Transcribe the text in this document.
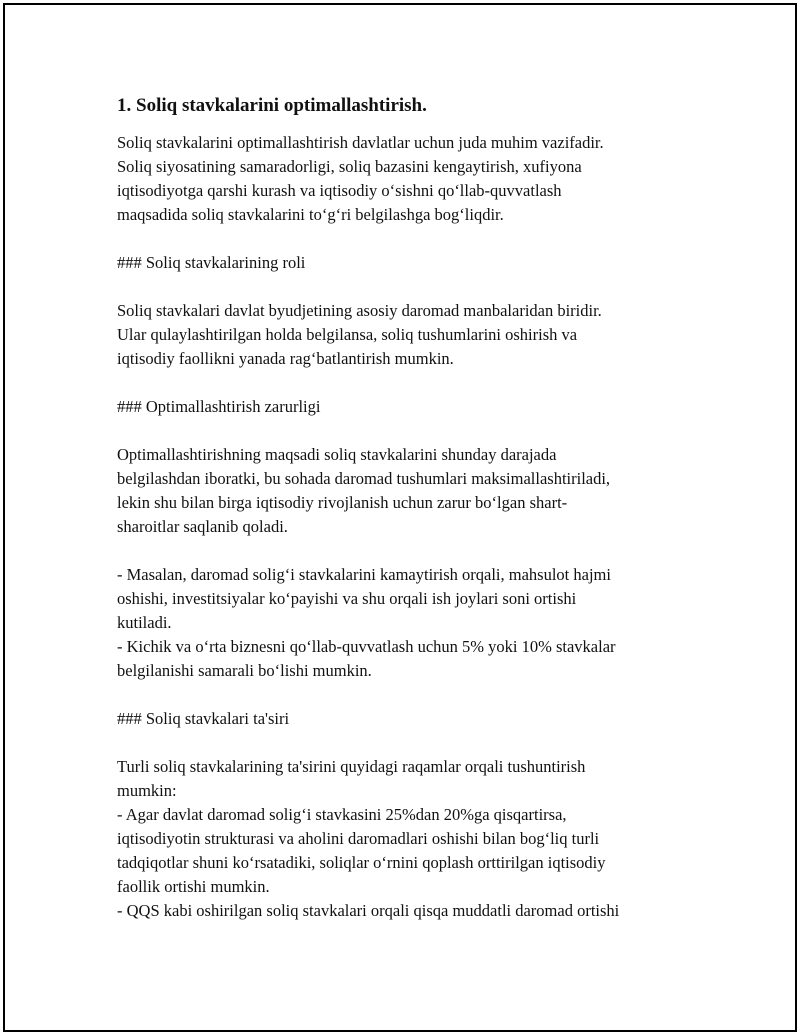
1. Soliq stavkalarini optimallashtirish.

Soliq stavkalarini optimallashtirish davlatlar uchun juda muhim vazifadir.

Soliq siyosatining samaradorligi, soliq bazasini kengaytirish, xufiyona

iqtisodiyotga qarshi kurash va iqtisodiy o‘sishni qo‘llab-quvvatlash

maqsadida soliq stavkalarini to‘g‘ri belgilashga bog‘liqdir.

### Soliq stavkalarining roli

Soliq stavkalari davlat byudjetining asosiy daromad manbalaridan biridir.

Ular qulaylashtirilgan holda belgilansa, soliq tushumlarini oshirish va

iqtisodiy faollikni yanada rag‘batlantirish mumkin.

### Optimallashtirish zarurligi

Optimallashtirishning maqsadi soliq stavkalarini shunday darajada

belgilashdan iboratki, bu sohada daromad tushumlari maksimallashtiriladi,

lekin shu bilan birga iqtisodiy rivojlanish uchun zarur bo‘lgan shart-

sharoitlar saqlanib qoladi.

- Masalan, daromad solig‘i stavkalarini kamaytirish orqali, mahsulot hajmi

oshishi, investitsiyalar ko‘payishi va shu orqali ish joylari soni ortishi

kutiladi.

- Kichik va o‘rta biznesni qo‘llab-quvvatlash uchun 5% yoki 10% stavkalar

belgilanishi samarali bo‘lishi mumkin.

### Soliq stavkalari ta'siri

Turli soliq stavkalarining ta'sirini quyidagi raqamlar orqali tushuntirish

mumkin:

- Agar davlat daromad solig‘i stavkasini 25%dan 20%ga qisqartirsa,

iqtisodiyotin strukturasi va aholini daromadlari oshishi bilan bog‘liq turli

tadqiqotlar shuni ko‘rsatadiki, soliqlar o‘rnini qoplash orttirilgan iqtisodiy

faollik ortishi mumkin.

- QQS kabi oshirilgan soliq stavkalari orqali qisqa muddatli daromad ortishi
